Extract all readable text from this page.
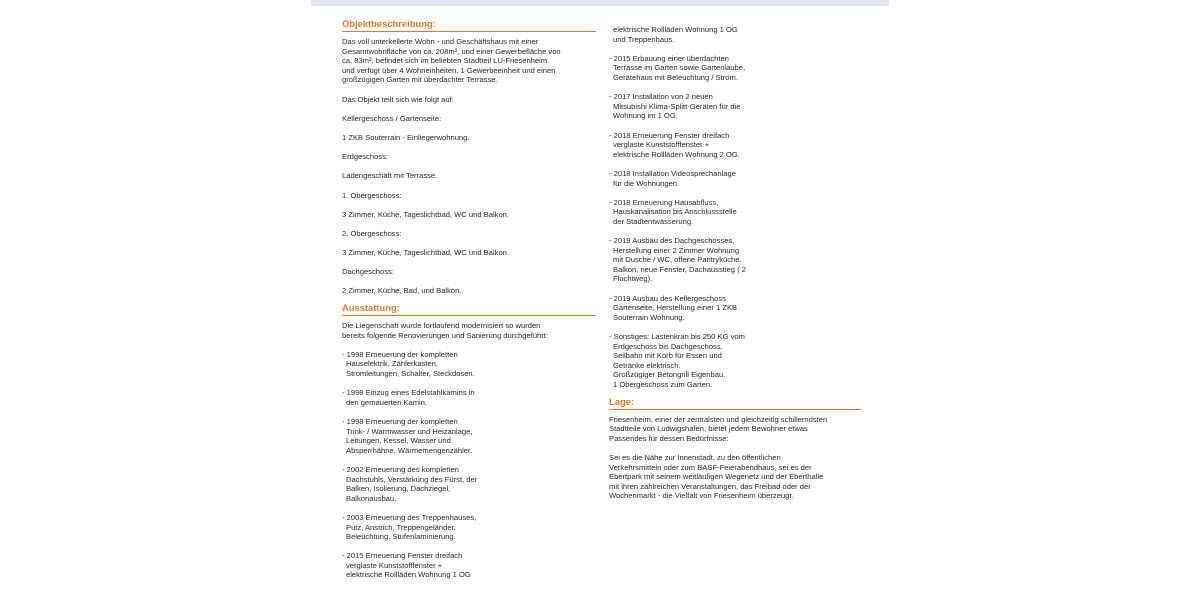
Objektbeschreibung:

Das voll unterkellerte Wohn - und Geschäftshaus mit einer

Gesamtwohnfläche von ca. 208m², und einer Gewerbefläche von

ca. 83m², befindet sich im beliebten Stadtteil LU-Friesenheim

und verfügt über 4 Wohneinheiten, 1 Gewerbeeinheit und einen

großzügigen Garten mit überdachter Terrasse.

Das Objekt teilt sich wie folgt auf:

Kellergeschoss / Gartenseite:

1 ZKB Souterrain - Einliegerwohnung.

Erdgeschoss:

Ladengeschäft mit Terrasse.

1. Obergeschoss:

3 Zimmer, Küche, Tageslichtbad, WC und Balkon.

2. Obergeschoss:

3 Zimmer, Küche, Tageslichtbad, WC und Balkon.

Dachgeschoss:

2 Zimmer, Küche, Bad, und Balkon.

Ausstattung:

Die Liegenschaft wurde fortlaufend modernisiert so wurden

bereits folgende Renovierungen und Sanierung durchgeführt:

- 1998 Erneuerung der kompletten

Hauselektrik, Zählerkasten,

Stromleitungen, Schalter, Steckdosen.

- 1998 Einzug eines Edelstahlkamins in

den gemauerten Kamin.

- 1998 Erneuerung der kompletten

Trink- / Warmwasser und Heizanlage,

Leitungen, Kessel, Wasser und

Absperrhähne, Wärmemengenzähler.

- 2002 Erneuerung des kompletten

Dachstuhls, Verstärkung des Fürst, der

Balken, Isolierung, Dachziegel,

Balkonausbau.

- 2003 Erneuerung des Treppenhauses,

Putz, Anstrich, Treppengeländer,

Beleuchtung, Stufenlaminierung.

- 2015 Erneuerung Fenster dreifach

verglaste Kunststofffenster +

elektrische Rollläden Wohnung 1 OG

elektrische Rollläden Wohnung 1 OG

und Treppenhaus.

- 2015 Erbauung einer überdachten

Terrasse im Garten sowie Gartenlaube,

Gerätehaus mit Beleuchtung / Strom.

- 2017 Installation von 2 neuen

Mitsubishi Klima-Splitt-Geräten für die

Wohnung im 1 OG.

- 2018 Erneuerung Fenster dreifach

verglaste Kunststofffenster +

elektrische Rollläden Wohnung 2 OG.

- 2018 Installation Videosprechanlage

für die Wohnungen.

- 2018 Erneuerung Hausabfluss,

Hauskanalisation bis Anschlussstelle

der Stadtentwässerung.

- 2019 Ausbau des Dachgeschosses,

Herstellung einer 2 Zimmer Wohnung

mit Dusche / WC, offene Pantryküche,

Balkon, neue Fenster, Dachausstieg ( 2

Fluchtweg).

- 2019 Ausbau des Kellergeschoss

Gartenseite, Herstellung einer 1 ZKB

Souterrain Wohnung.

- Sonstiges: Lastenkran bis 250 KG vom

Erdgeschoss bis Dachgeschoss.

Seilbahn mit Korb für Essen und

Getränke elektrisch.

Großzügiger Betongrill Eigenbau.

1 Obergeschoss zum Garten.

Lage:

Friesenheim, einer der zentralsten und gleichzeitig schillerndsten

Stadtteile von Ludwigshafen, bietet jedem Bewohner etwas

Passendes für dessen Bedürfnisse:

Sei es die Nähe zur Innenstadt, zu den öffentlichen

Verkehrsmitteln oder zum BASF-Feierabendhaus, sei es der

Ebertpark mit seinem weitläufigen Wegenetz und der Eberthalle

mit ihren zahlreichen Veranstaltungen, das Freibad oder der

Wochenmarkt - die Vielfalt von Friesenheim überzeugt.
